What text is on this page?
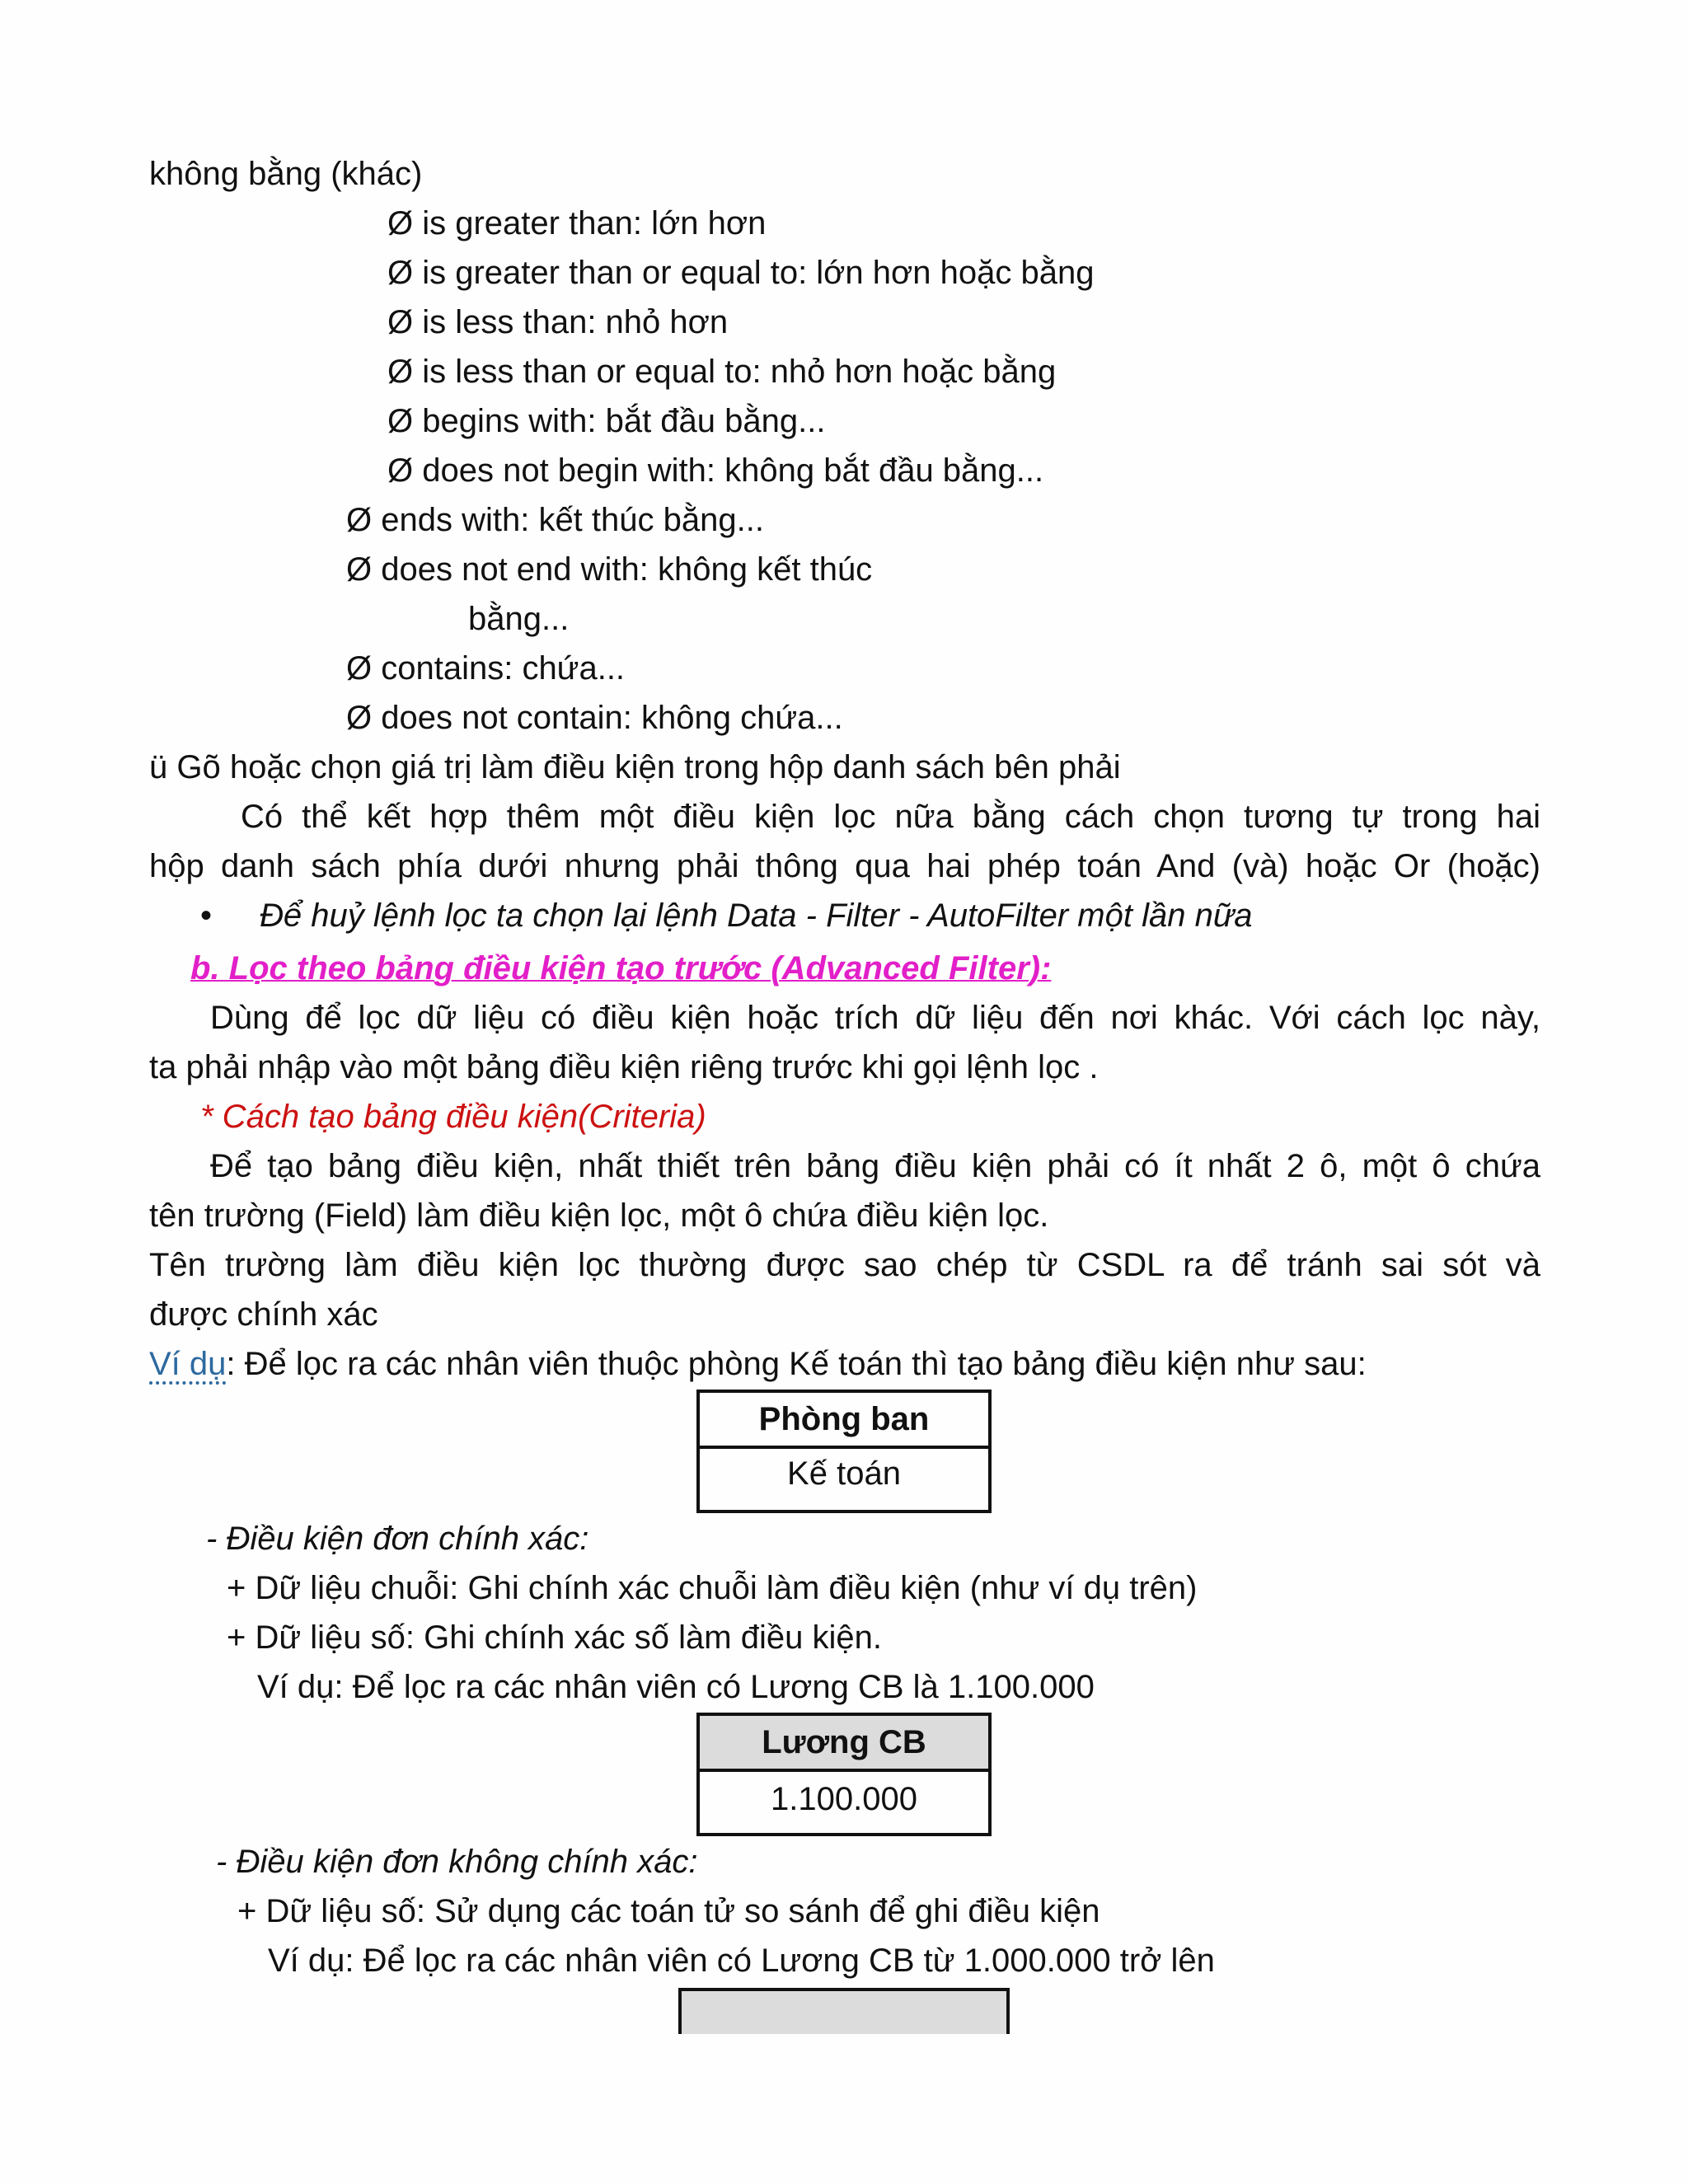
không bằng (khác)
Ø is greater than: lớn hơn
Ø is greater than or equal to: lớn hơn hoặc bằng
Ø is less than: nhỏ hơn
Ø is less than or equal to: nhỏ hơn hoặc bằng
Ø begins with: bắt đầu bằng...
Ø does not begin with: không bắt đầu bằng...
Ø ends with: kết thúc bằng...
Ø does not end with: không kết thúc
bằng...
Ø contains: chứa...
Ø does not contain: không chứa...
ü Gõ hoặc chọn giá trị làm điều kiện trong hộp danh sách bên phải
Có thể kết hợp thêm một điều kiện lọc nữa bằng cách chọn tương tự trong hai
hộp danh sách phía dưới nhưng phải thông qua hai phép toán And (và) hoặc Or (hoặc)
• Để huỷ lệnh lọc ta chọn lại lệnh Data - Filter - AutoFilter một lần nữa
b. Lọc theo bảng điều kiện tạo trước (Advanced Filter):
Dùng để lọc dữ liệu có điều kiện hoặc trích dữ liệu đến nơi khác. Với cách lọc này,
ta phải nhập vào một bảng điều kiện riêng trước khi gọi lệnh lọc .
* Cách tạo bảng điều kiện(Criteria)
Để tạo bảng điều kiện, nhất thiết trên bảng điều kiện phải có ít nhất 2 ô, một ô chứa
tên trường (Field) làm điều kiện lọc, một ô chứa điều kiện lọc.
Tên trường làm điều kiện lọc thường được sao chép từ CSDL ra để tránh sai sót và
được chính xác
Ví dụ: Để lọc ra các nhân viên thuộc phòng Kế toán thì tạo bảng điều kiện như sau:
Phòng ban
Kế toán
- Điều kiện đơn chính xác:
+ Dữ liệu chuỗi: Ghi chính xác chuỗi làm điều kiện (như ví dụ trên)
+ Dữ liệu số: Ghi chính xác số làm điều kiện.
Ví dụ: Để lọc ra các nhân viên có Lương CB là 1.100.000
Lương CB
1.100.000
- Điều kiện đơn không chính xác:
+ Dữ liệu số: Sử dụng các toán tử so sánh để ghi điều kiện
Ví dụ: Để lọc ra các nhân viên có Lương CB từ 1.000.000 trở lên
